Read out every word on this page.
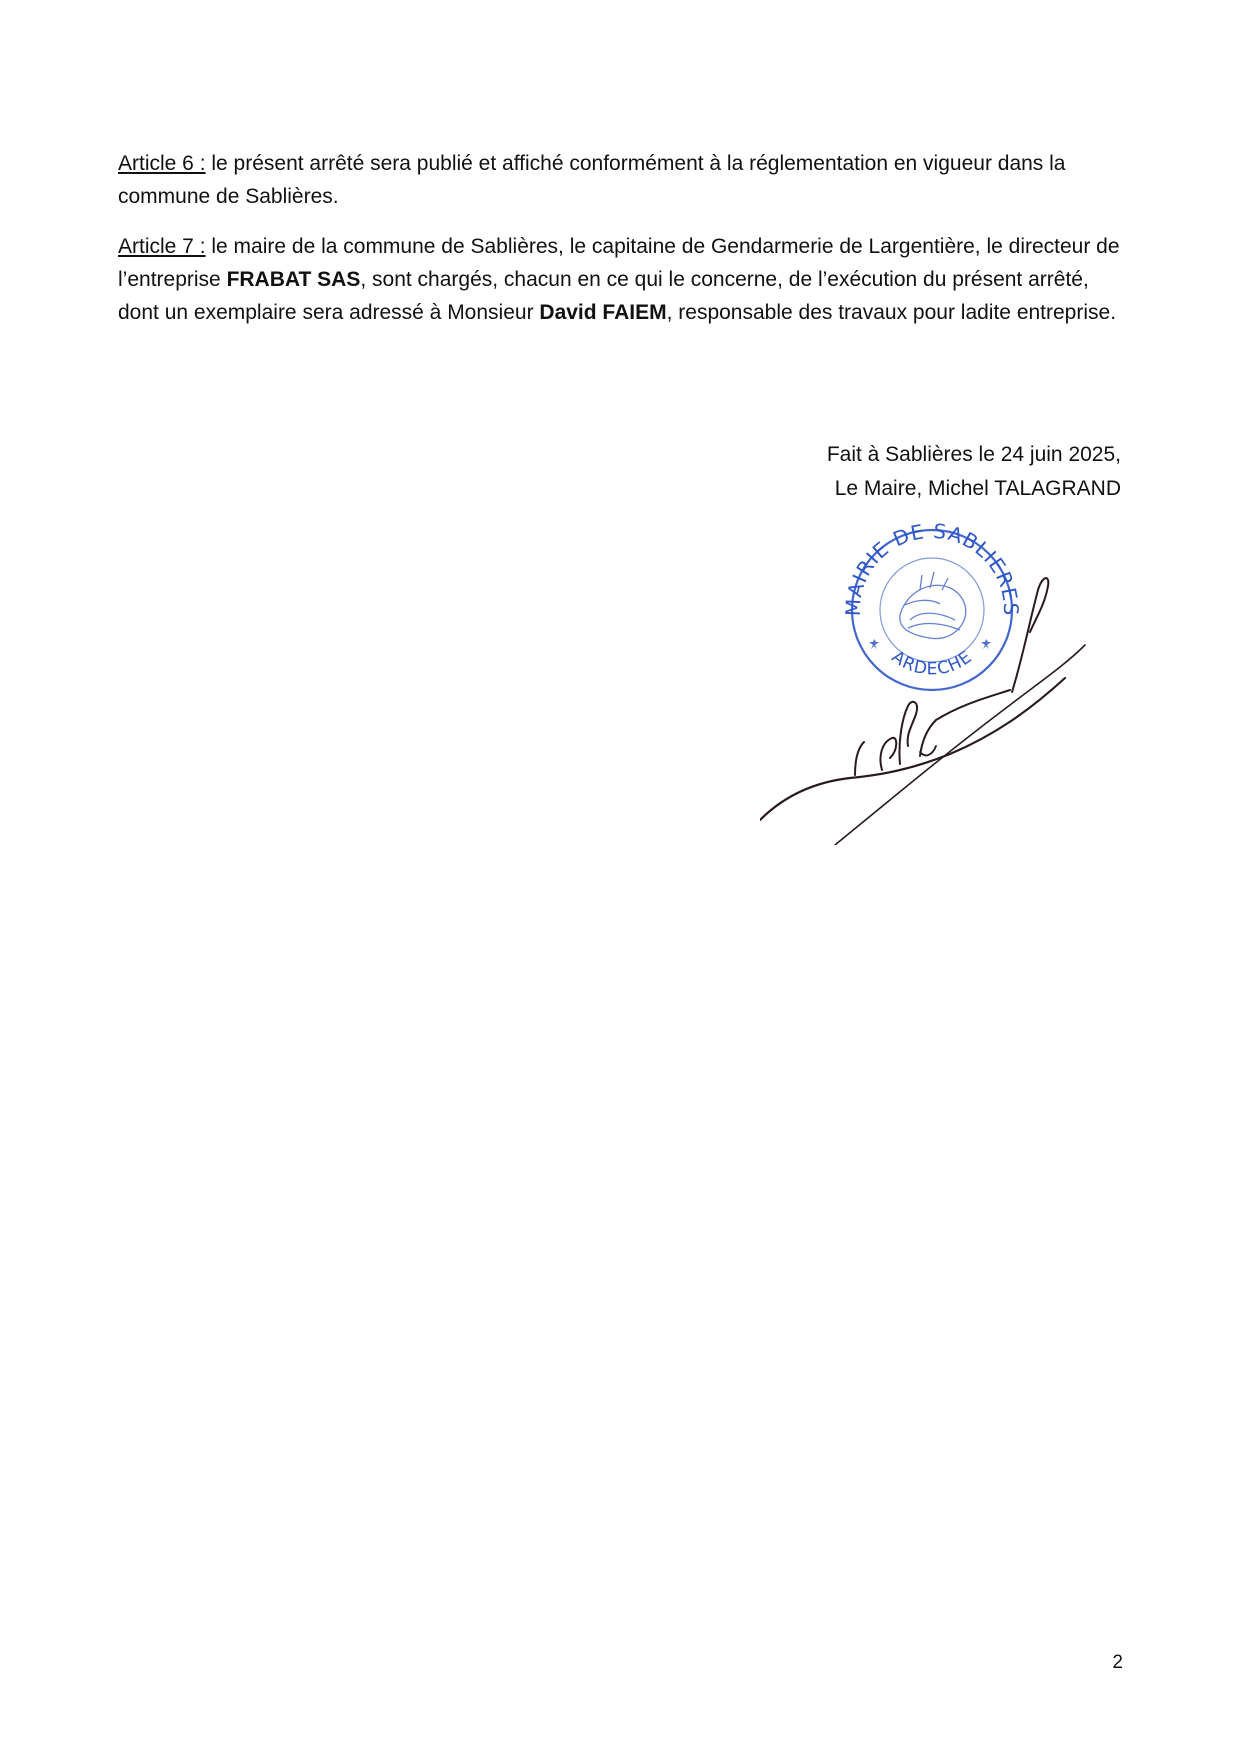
Article 6 : le présent arrêté sera publié et affiché conformément à la réglementation en vigueur dans la commune de Sablières.

Article 7 : le maire de la commune de Sablières, le capitaine de Gendarmerie de Largentière, le directeur de l’entreprise FRABAT SAS, sont chargés, chacun en ce qui le concerne, de l’exécution du présent arrêté, dont un exemplaire sera adressé à Monsieur David FAIEM, responsable des travaux pour ladite entreprise.

Fait à Sablières le 24 juin 2025,
Le Maire, Michel TALAGRAND
MAIRIE DE SABLIERES
ARDECHE
2
